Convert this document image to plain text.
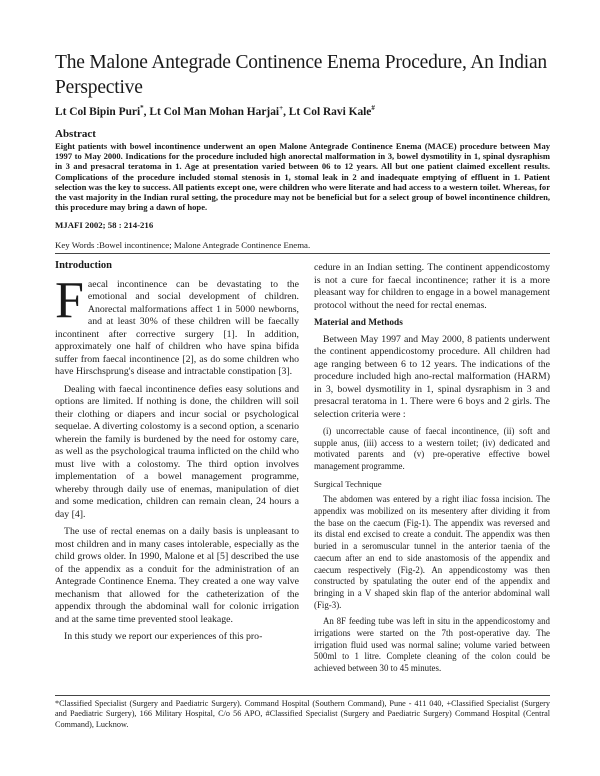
The Malone Antegrade Continence Enema Procedure, An Indian Perspective
Lt Col Bipin Puri*, Lt Col Man Mohan Harjai+, Lt Col Ravi Kale#
Abstract

Eight patients with bowel incontinence underwent an open Malone Antegrade Continence Enema (MACE) procedure between May 1997 to May 2000. Indications for the procedure included high anorectal malformation in 3, bowel dysmotility in 1, spinal dysraphism in 3 and presacral teratoma in 1. Age at presentation varied between 06 to 12 years. All but one patient claimed excellent results. Complications of the procedure included stomal stenosis in 1, stomal leak in 2 and inadequate emptying of effluent in 1. Patient selection was the key to success. All patients except one, were children who were literate and had access to a western toilet. Whereas, for the vast majority in the Indian rural setting, the procedure may not be beneficial but for a select group of bowel incontinence children, this procedure may bring a dawn of hope.

MJAFI 2002; 58 : 214-216
Key Words :Bowel incontinence; Malone Antegrade Continence Enema.
Introduction

Faecal incontinence can be devastating to the emotional and social development of children. Anorectal malformations affect 1 in 5000 newborns, and at least 30% of these children will be faecally incontinent after corrective surgery [1]. In addition, approximately one half of children who have spina bifida suffer from faecal incontinence [2], as do some children who have Hirschsprung's disease and intractable constipation [3].

Dealing with faecal incontinence defies easy solutions and options are limited. If nothing is done, the children will soil their clothing or diapers and incur social or psychological sequelae. A diverting colostomy is a second option, a scenario wherein the family is burdened by the need for ostomy care, as well as the psychological trauma inflicted on the child who must live with a colostomy. The third option involves implementation of a bowel management programme, whereby through daily use of enemas, manipulation of diet and some medication, children can remain clean, 24 hours a day [4].

The use of rectal enemas on a daily basis is unpleasant to most children and in many cases intolerable, especially as the child grows older. In 1990, Malone et al [5] described the use of the appendix as a conduit for the administration of an Antegrade Continence Enema. They created a one way valve mechanism that allowed for the catheterization of the appendix through the abdominal wall for colonic irrigation and at the same time prevented stool leakage.

In this study we report our experiences of this pro-

cedure in an Indian setting. The continent appendicostomy is not a cure for faecal incontinence; rather it is a more pleasant way for children to engage in a bowel management protocol without the need for rectal enemas.

Material and Methods

Between May 1997 and May 2000, 8 patients underwent the continent appendicostomy procedure. All children had age ranging between 6 to 12 years. The indications of the procedure included high ano-rectal malformation (HARM) in 3, bowel dysmotility in 1, spinal dysraphism in 3 and presacral teratoma in 1. There were 6 boys and 2 girls. The selection criteria were :

(i) uncorrectable cause of faecal incontinence, (ii) soft and supple anus, (iii) access to a western toilet; (iv) dedicated and motivated parents and (v) pre-operative effective bowel management programme.

Surgical Technique

The abdomen was entered by a right iliac fossa incision. The appendix was mobilized on its mesentery after dividing it from the base on the caecum (Fig-1). The appendix was reversed and its distal end excised to create a conduit. The appendix was then buried in a seromuscular tunnel in the anterior taenia of the caecum after an end to side anastomosis of the appendix and caecum respectively (Fig-2). An appendicostomy was then constructed by spatulating the outer end of the appendix and bringing in a V shaped skin flap of the anterior abdominal wall (Fig-3).

An 8F feeding tube was left in situ in the appendicostomy and irrigations were started on the 7th post-operative day. The irrigation fluid used was normal saline; volume varied between 500ml to 1 litre. Complete cleaning of the colon could be achieved between 30 to 45 minutes.

*Classified Specialist (Surgery and Paediatric Surgery). Command Hospital (Southern Command), Pune - 411 040, +Classified Specialist (Surgery and Paediatric Surgery), 166 Military Hospital, C/o 56 APO, #Classified Specialist (Surgery and Paediatric Surgery) Command Hospital (Central Command), Lucknow.
